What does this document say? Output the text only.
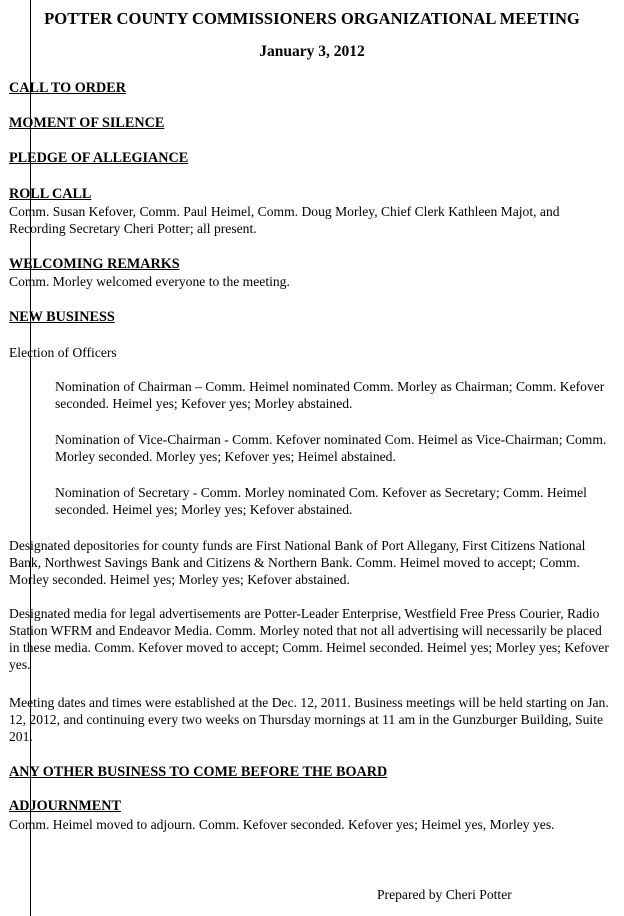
POTTER COUNTY COMMISSIONERS ORGANIZATIONAL MEETING
January 3, 2012
CALL TO ORDER
MOMENT OF SILENCE
PLEDGE OF ALLEGIANCE
ROLL CALL
Comm. Susan Kefover, Comm. Paul Heimel, Comm. Doug Morley, Chief Clerk Kathleen Majot, and Recording Secretary Cheri Potter; all present.
WELCOMING REMARKS
Comm. Morley welcomed everyone to the meeting.
NEW BUSINESS
Election of Officers
Nomination of Chairman – Comm. Heimel nominated Comm. Morley as Chairman; Comm. Kefover seconded. Heimel yes; Kefover yes; Morley abstained.
Nomination of Vice-Chairman - Comm. Kefover nominated Com. Heimel as Vice-Chairman; Comm. Morley seconded. Morley yes; Kefover yes; Heimel abstained.
Nomination of Secretary - Comm. Morley nominated Com. Kefover as Secretary; Comm. Heimel seconded. Heimel yes; Morley yes; Kefover abstained.
Designated depositories for county funds are First National Bank of Port Allegany, First Citizens National Bank, Northwest Savings Bank and Citizens & Northern Bank. Comm. Heimel moved to accept; Comm. Morley seconded. Heimel yes; Morley yes; Kefover abstained.
Designated media for legal advertisements are Potter-Leader Enterprise, Westfield Free Press Courier, Radio Station WFRM and Endeavor Media. Comm. Morley noted that not all advertising will necessarily be placed in these media. Comm. Kefover moved to accept; Comm. Heimel seconded. Heimel yes; Morley yes; Kefover yes.
Meeting dates and times were established at the Dec. 12, 2011. Business meetings will be held starting on Jan. 12, 2012, and continuing every two weeks on Thursday mornings at 11 am in the Gunzburger Building, Suite 201.
ANY OTHER BUSINESS TO COME BEFORE THE BOARD
ADJOURNMENT
Comm. Heimel moved to adjourn. Comm. Kefover seconded. Kefover yes; Heimel yes, Morley yes.
Prepared by Cheri Potter
